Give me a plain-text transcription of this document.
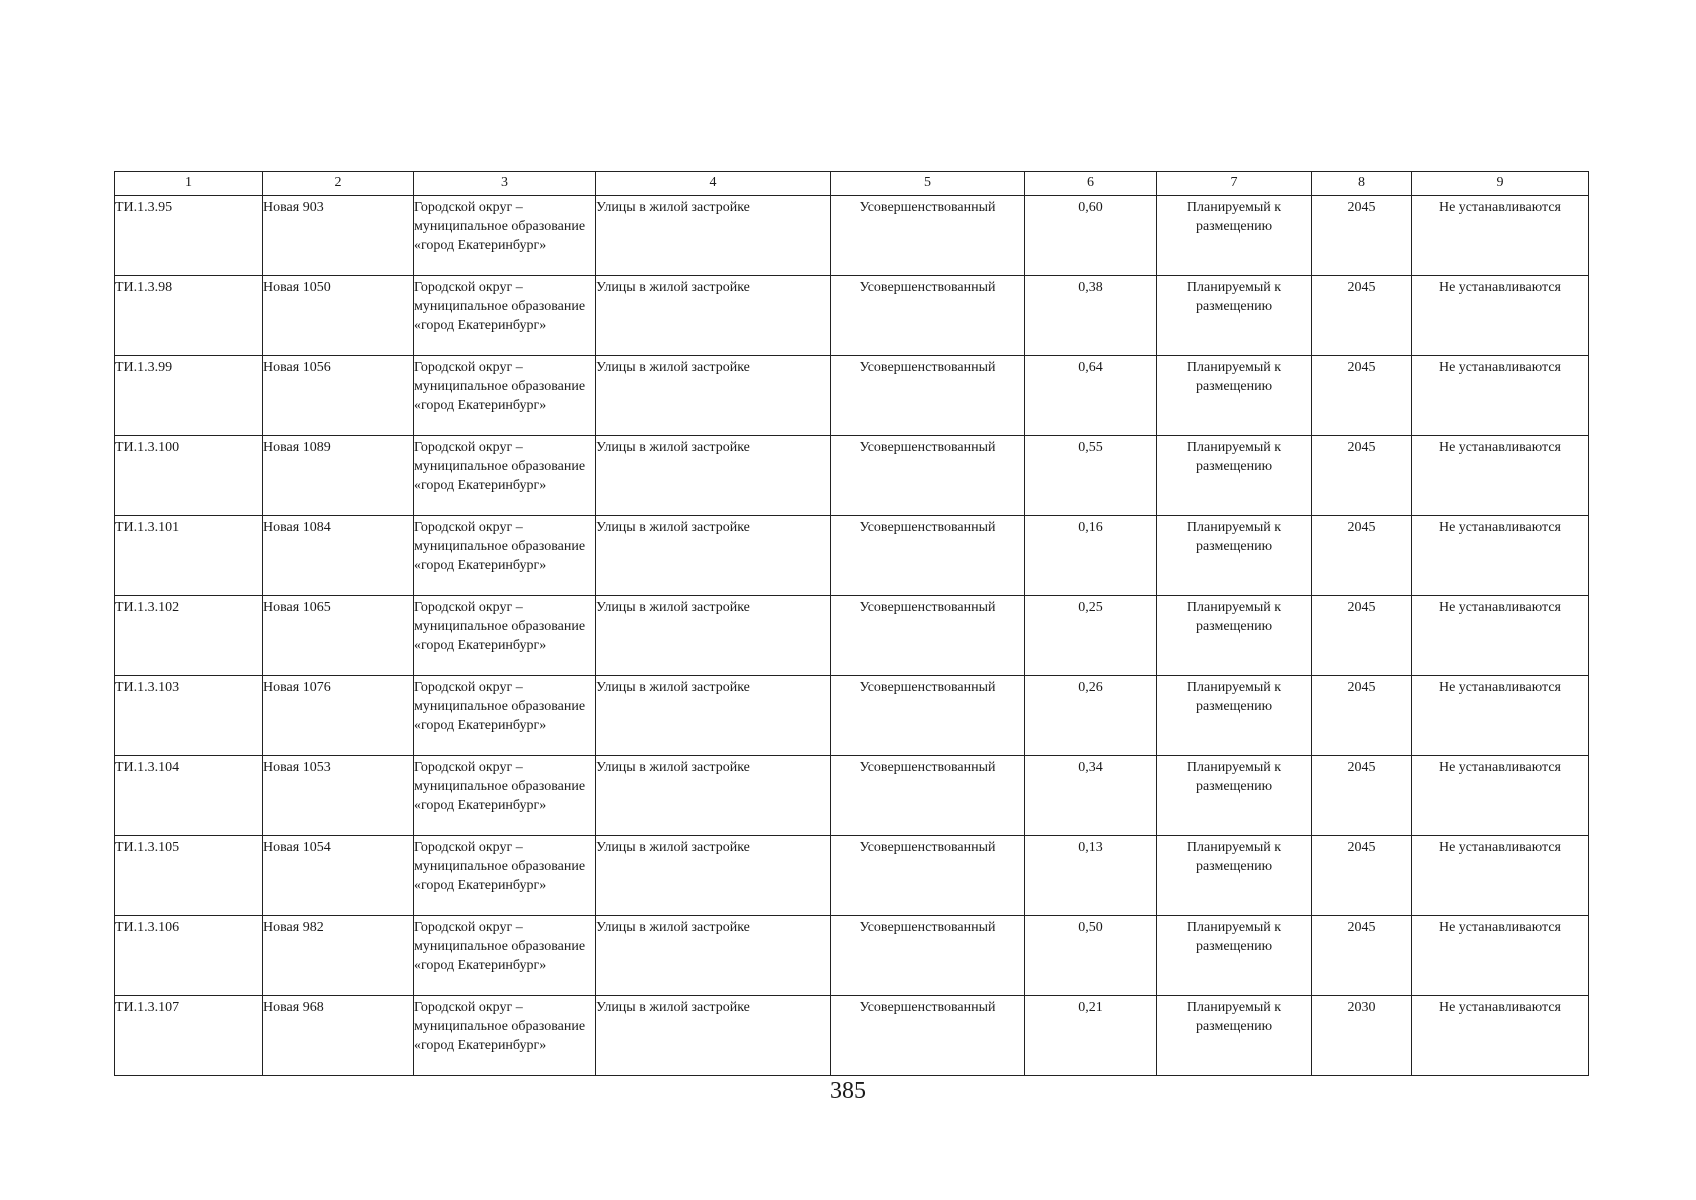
1	2	3	4	5	6	7	8	9
ТИ.1.3.95	Новая 903	Городской округ – муниципальное образование «город Екатеринбург»	Улицы в жилой застройке	Усовершенствованный	0,60	Планируемый к размещению	2045	Не устанавливаются
ТИ.1.3.98	Новая 1050	Городской округ – муниципальное образование «город Екатеринбург»	Улицы в жилой застройке	Усовершенствованный	0,38	Планируемый к размещению	2045	Не устанавливаются
ТИ.1.3.99	Новая 1056	Городской округ – муниципальное образование «город Екатеринбург»	Улицы в жилой застройке	Усовершенствованный	0,64	Планируемый к размещению	2045	Не устанавливаются
ТИ.1.3.100	Новая 1089	Городской округ – муниципальное образование «город Екатеринбург»	Улицы в жилой застройке	Усовершенствованный	0,55	Планируемый к размещению	2045	Не устанавливаются
ТИ.1.3.101	Новая 1084	Городской округ – муниципальное образование «город Екатеринбург»	Улицы в жилой застройке	Усовершенствованный	0,16	Планируемый к размещению	2045	Не устанавливаются
ТИ.1.3.102	Новая 1065	Городской округ – муниципальное образование «город Екатеринбург»	Улицы в жилой застройке	Усовершенствованный	0,25	Планируемый к размещению	2045	Не устанавливаются
ТИ.1.3.103	Новая 1076	Городской округ – муниципальное образование «город Екатеринбург»	Улицы в жилой застройке	Усовершенствованный	0,26	Планируемый к размещению	2045	Не устанавливаются
ТИ.1.3.104	Новая 1053	Городской округ – муниципальное образование «город Екатеринбург»	Улицы в жилой застройке	Усовершенствованный	0,34	Планируемый к размещению	2045	Не устанавливаются
ТИ.1.3.105	Новая 1054	Городской округ – муниципальное образование «город Екатеринбург»	Улицы в жилой застройке	Усовершенствованный	0,13	Планируемый к размещению	2045	Не устанавливаются
ТИ.1.3.106	Новая 982	Городской округ – муниципальное образование «город Екатеринбург»	Улицы в жилой застройке	Усовершенствованный	0,50	Планируемый к размещению	2045	Не устанавливаются
ТИ.1.3.107	Новая 968	Городской округ – муниципальное образование «город Екатеринбург»	Улицы в жилой застройке	Усовершенствованный	0,21	Планируемый к размещению	2030	Не устанавливаются
385
